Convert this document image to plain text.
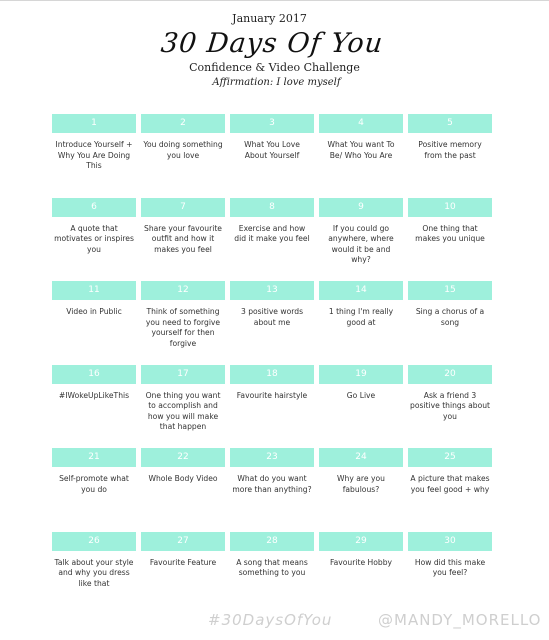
January 2017
30 Days Of You
Confidence & Video Challenge
Affirmation: I love myself
1
Introduce Yourself + Why You Are Doing This
2
You doing something you love
3
What You Love About Yourself
4
What You want To Be/ Who You Are
5
Positive memory from the past
6
A quote that motivates or inspires you
7
Share your favourite outfit and how it makes you feel
8
Exercise and how did it make you feel
9
If you could go anywhere, where would it be and why?
10
One thing that makes you unique
11
Video in Public
12
Think of something you need to forgive yourself for then forgive
13
3 positive words about me
14
1 thing I'm really good at
15
Sing a chorus of a song
16
#IWokeUpLikeThis
17
One thing you want to accomplish and how you will make that happen
18
Favourite hairstyle
19
Go Live
20
Ask a friend 3 positive things about you
21
Self-promote what you do
22
Whole Body Video
23
What do you want more than anything?
24
Why are you fabulous?
25
A picture that makes you feel good + why
26
Talk about your style and why you dress like that
27
Favourite Feature
28
A song that means something to you
29
Favourite Hobby
30
How did this make you feel?
#30DaysOfYou	@MANDY_MORELLO
